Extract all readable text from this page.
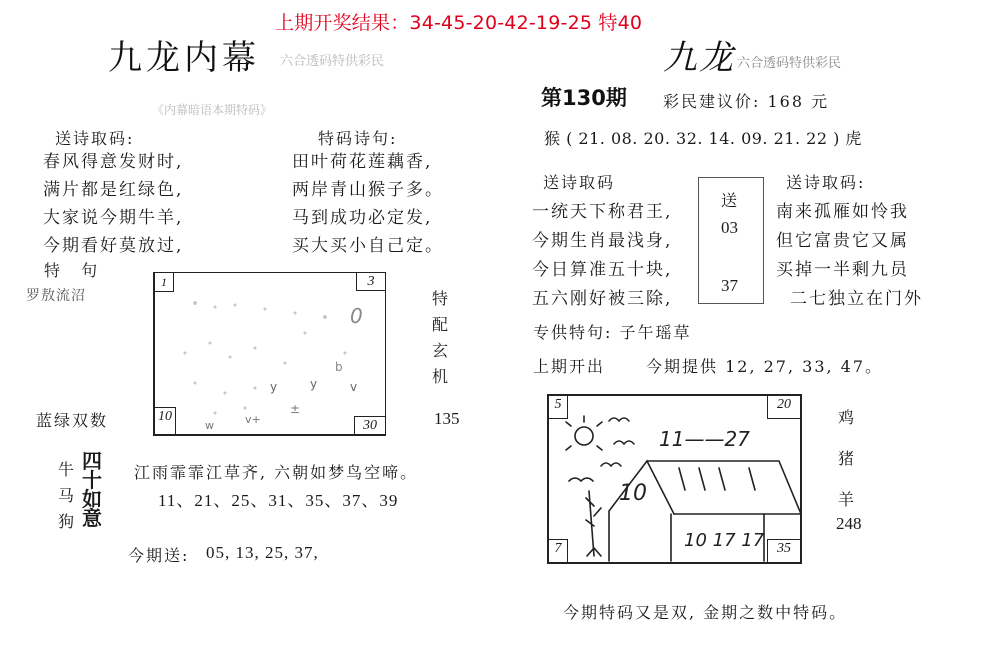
上期开奖结果：34-45-20-42-19-25 特40
九龙内幕 六合透码特供彩民
《内幕暗语本期特码》
送诗取码:
春风得意发财时,
满片都是红绿色,
大家说今期牛羊,
今期看好莫放过,
特码诗句:
田叶荷花莲藕香,
两岸青山猴子多。
马到成功必定发,
买大买小自己定。
特 句
罗敖流沼
蓝绿双数
1	3
10
30
0
b
y	y	v
±
v+
w
特
配
玄
机
135
牛
马
狗
四
十
如
意
江雨霏霏江草齐, 六朝如梦鸟空啼。
11、21、25、31、35、37、39
今期送: 05, 13, 25, 37,
九龙 六合透码特供彩民
第130期 彩民建议价: 168 元
猴 ( 21. 08. 20. 32. 14. 09. 21. 22 ) 虎
送诗取码
一统天下称君王,
今期生肖最浅身,
今日算准五十块,
五六刚好被三除,
送
03
37
送诗取码:
南来孤雁如怜我
但它富贵它又属
买掉一半剩九员
二七独立在门外
专供特句: 子午瑶草
上期开出	今期提供 12, 27, 33, 47。
5	20
7	35
10
11——27
10 17 17
鸡
猪
羊
248
今期特码又是双, 金期之数中特码。
